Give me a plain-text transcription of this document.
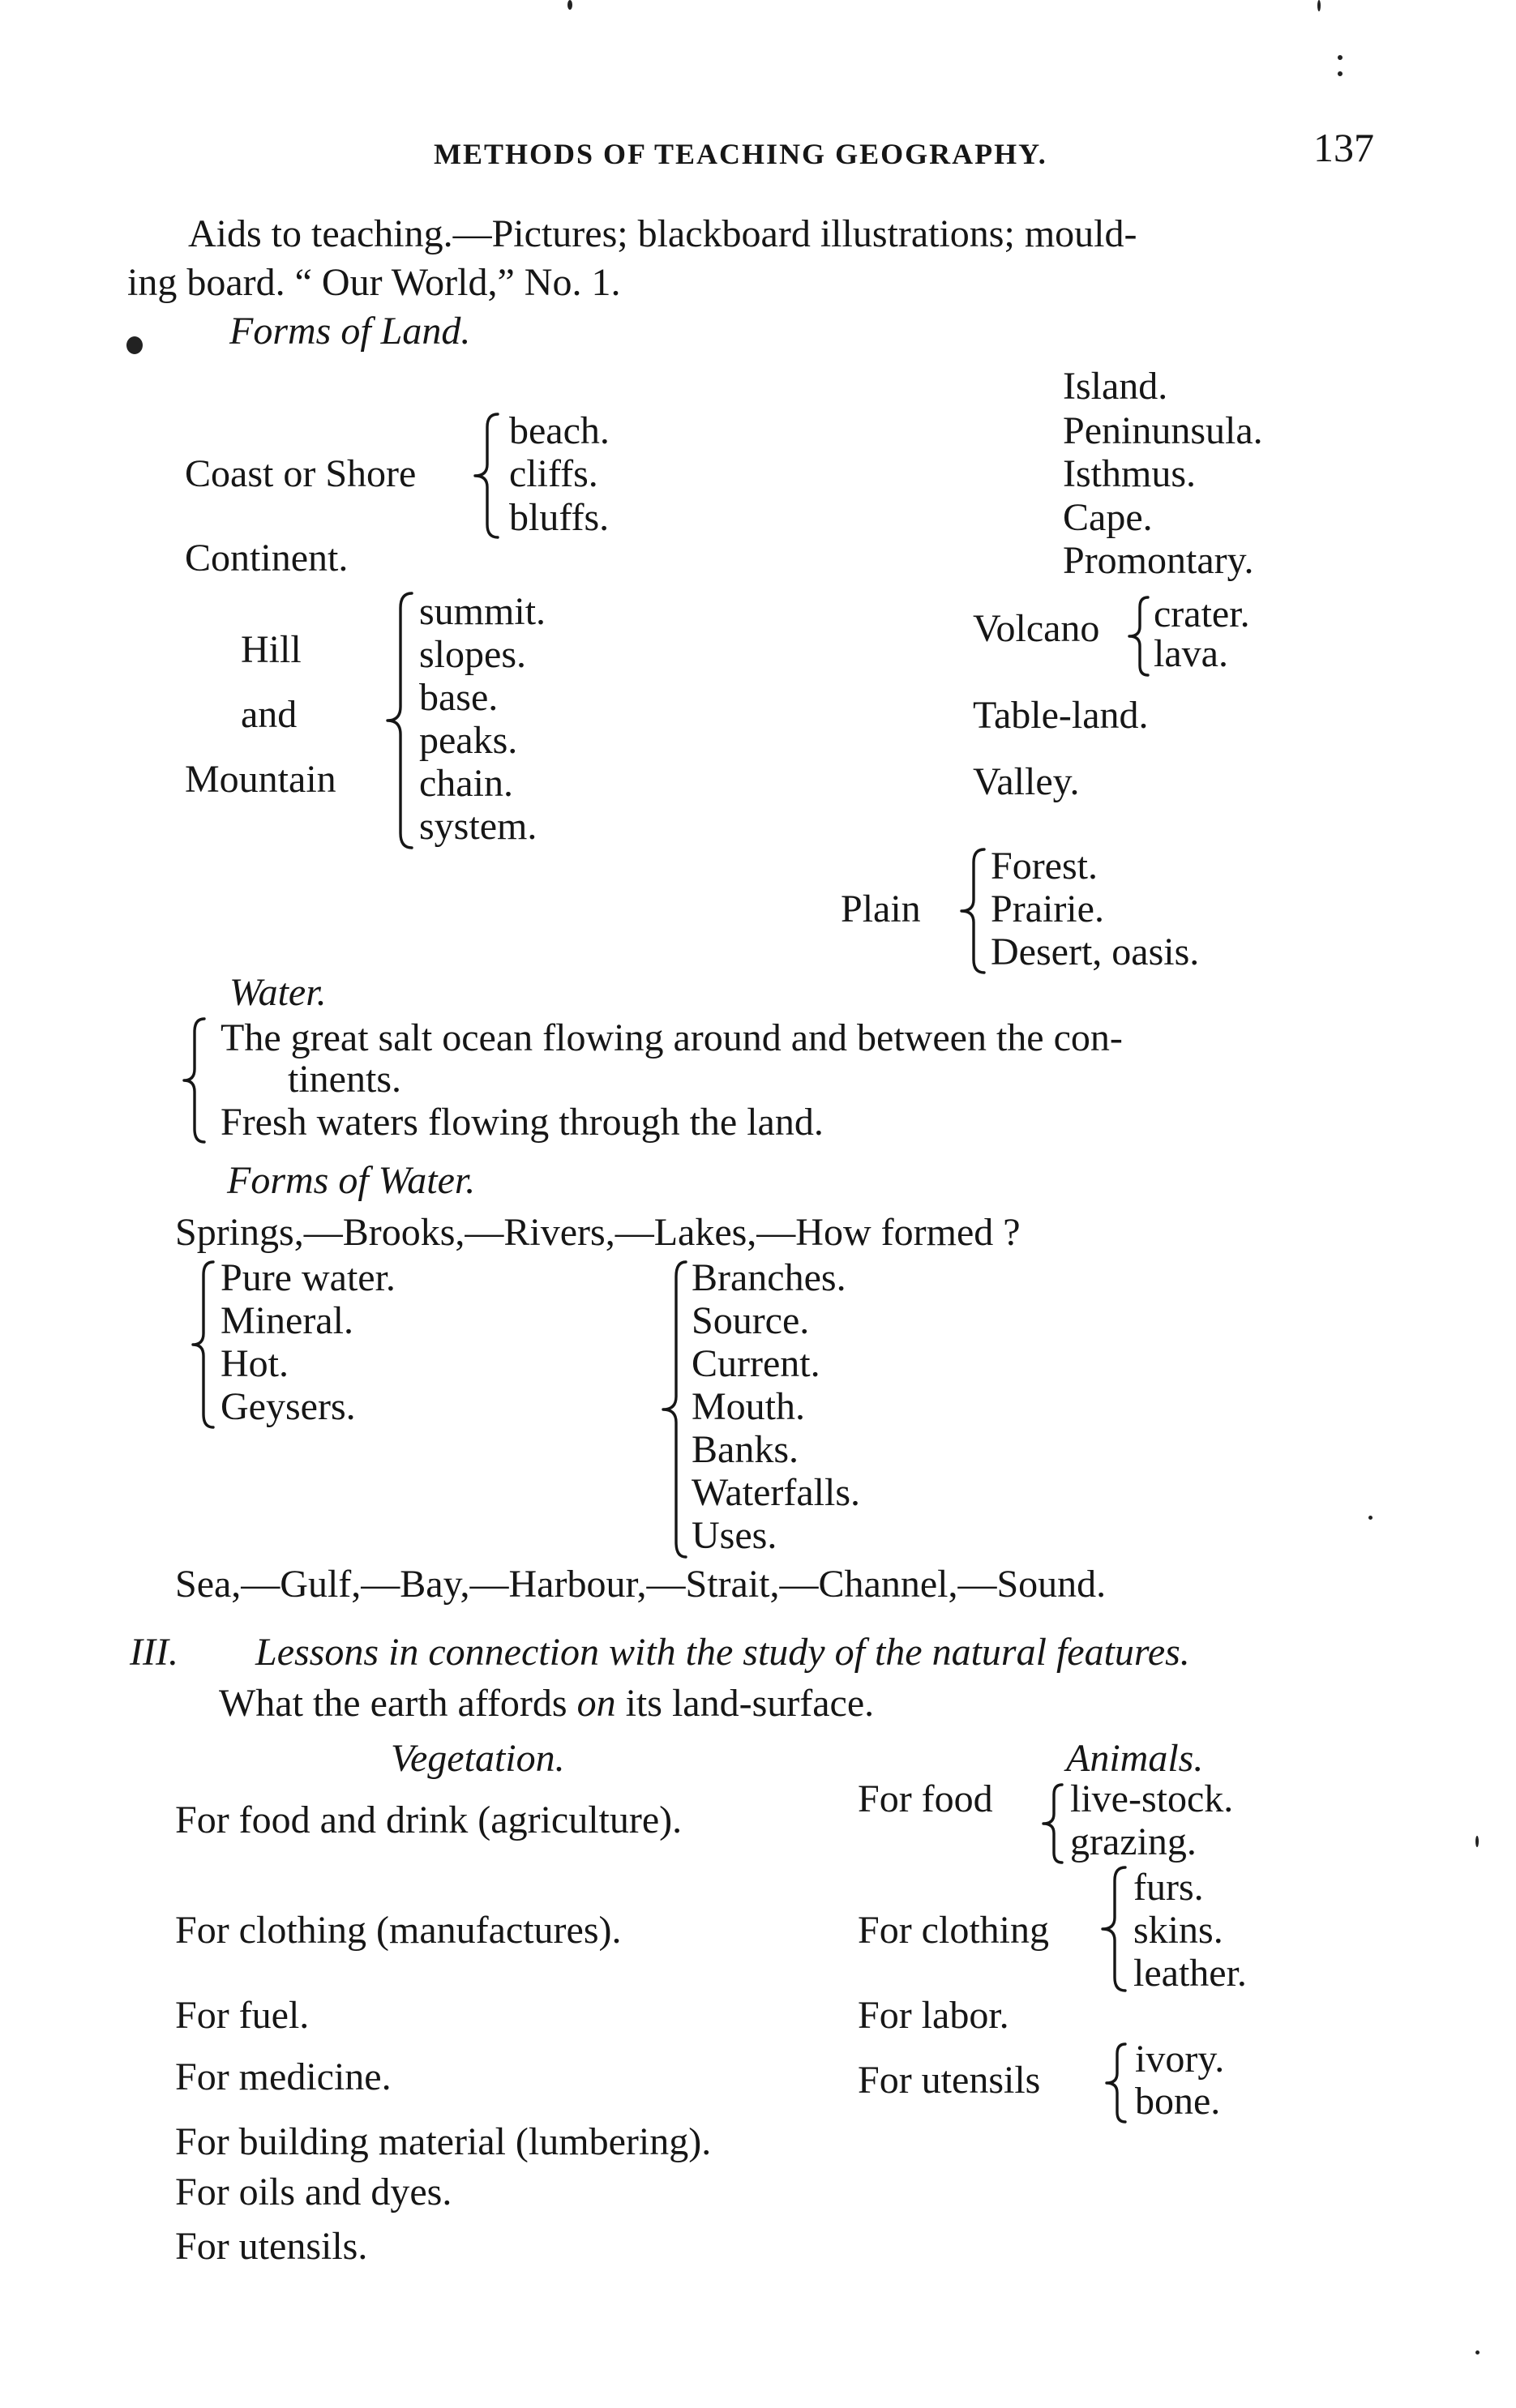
METHODS OF TEACHING GEOGRAPHY.	137
Aids to teaching.—Pictures; blackboard illustrations; mould-
ing board. “ Our World,” No. 1.
Forms of Land.
Island.
Peninunsula.
Isthmus.
Cape.
Promontary.
Coast or Shore
beach.
cliffs.
bluffs.
Continent.
Hill
and
Mountain
summit.
slopes.
base.
peaks.
chain.
system.
Volcano crater.
lava.
Table-land.
Valley.
Plain
Forest.
Prairie.
Desert, oasis.
Water.
The great salt ocean flowing around and between the con-
tinents.
Fresh waters flowing through the land.
Forms of Water.
Springs,—Brooks,—Rivers,—Lakes,—How formed ?
Pure water.
Mineral.
Hot.
Geysers.
Branches.
Source.
Current.
Mouth.
Banks.
Waterfalls.
Uses.
Sea,—Gulf,—Bay,—Harbour,—Strait,—Channel,—Sound.
III. Lessons in connection with the study of the natural features.
What the earth affords on its land-surface.
Vegetation.	Animals.
For food and drink (agriculture).
For clothing (manufactures).
For fuel.
For medicine.
For building material (lumbering).
For oils and dyes.
For utensils.
For food live-stock.
grazing.
For clothing
furs.
skins.
leather.
For labor.
For utensils ivory.
bone.
